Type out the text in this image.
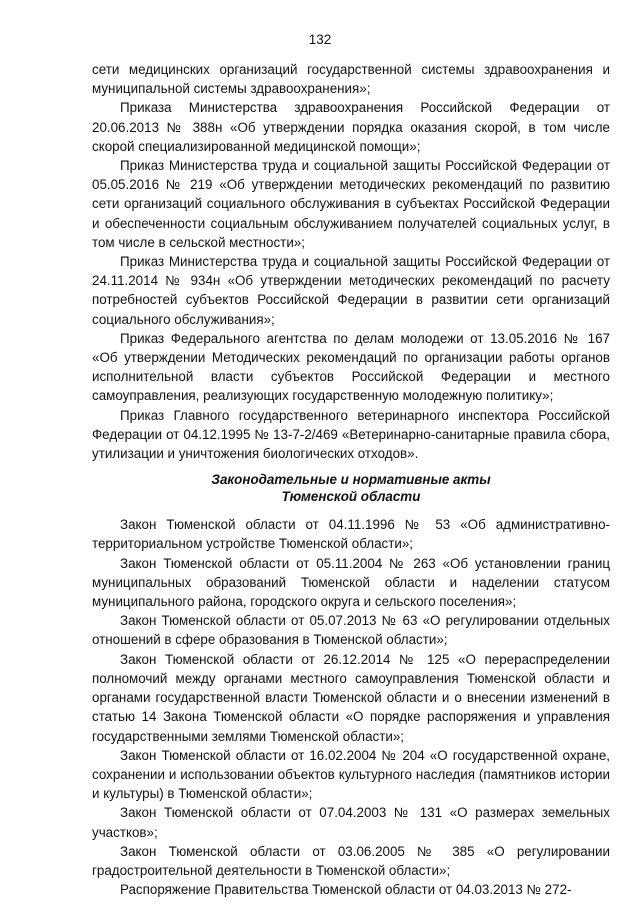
132

сети медицинских организаций государственной системы здравоохранения и муниципальной системы здравоохранения»;

Приказа Министерства здравоохранения Российской Федерации от 20.06.2013 № 388н «Об утверждении порядка оказания скорой, в том числе скорой специализированной медицинской помощи»;

Приказ Министерства труда и социальной защиты Российской Федерации от 05.05.2016 № 219 «Об утверждении методических рекомендаций по развитию сети организаций социального обслуживания в субъектах Российской Федерации и обеспеченности социальным обслуживанием получателей социальных услуг, в том числе в сельской местности»;

Приказ Министерства труда и социальной защиты Российской Федерации от 24.11.2014 № 934н «Об утверждении методических рекомендаций по расчету потребностей субъектов Российской Федерации в развитии сети организаций социального обслуживания»;

Приказ Федерального агентства по делам молодежи от 13.05.2016 № 167 «Об утверждении Методических рекомендаций по организации работы органов исполнительной власти субъектов Российской Федерации и местного самоуправления, реализующих государственную молодежную политику»;

Приказ Главного государственного ветеринарного инспектора Российской Федерации от 04.12.1995 № 13-7-2/469 «Ветеринарно-санитарные правила сбора, утилизации и уничтожения биологических отходов».

Законодательные и нормативные акты
Тюменской области

Закон Тюменской области от 04.11.1996 № 53 «Об административно-территориальном устройстве Тюменской области»;

Закон Тюменской области от 05.11.2004 № 263 «Об установлении границ муниципальных образований Тюменской области и наделении статусом муниципального района, городского округа и сельского поселения»;

Закон Тюменской области от 05.07.2013 № 63 «О регулировании отдельных отношений в сфере образования в Тюменской области»;

Закон Тюменской области от 26.12.2014 № 125 «О перераспределении полномочий между органами местного самоуправления Тюменской области и органами государственной власти Тюменской области и о внесении изменений в статью 14 Закона Тюменской области «О порядке распоряжения и управления государственными землями Тюменской области»;

Закон Тюменской области от 16.02.2004 № 204 «О государственной охране, сохранении и использовании объектов культурного наследия (памятников истории и культуры) в Тюменской области»;

Закон Тюменской области от 07.04.2003 № 131 «О размерах земельных участков»;

Закон Тюменской области от 03.06.2005 № 385 «О регулировании градостроительной деятельности в Тюменской области»;

Распоряжение Правительства Тюменской области от 04.03.2013 № 272-
